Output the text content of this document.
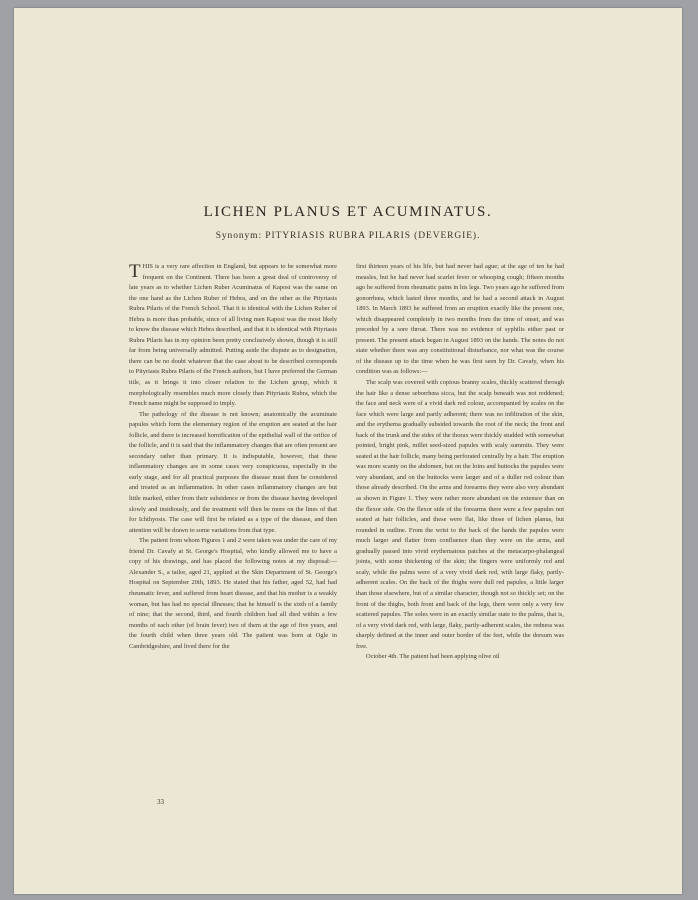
LICHEN PLANUS ET ACUMINATUS.
Synonym: PITYRIASIS RUBRA PILARIS (DEVERGIE).

THIS is a very rare affection in England, but appears to be somewhat more frequent on the Continent. There has been a great deal of controversy of late years as to whether Lichen Ruber Acuminatus of Kaposi was the same on the one hand as the Lichen Ruber of Hebra, and on the other as the Pityriasis Rubra Pilaris of the French School. That it is identical with the Lichen Ruber of Hebra is more than probable, since of all living men Kaposi was the most likely to know the disease which Hebra described, and that it is identical with Pityriasis Rubra Pilaris has in my opinion been pretty conclusively shown, though it is still far from being universally admitted. Putting aside the dispute as to designation, there can be no doubt whatever that the case about to be described corresponds to Pityriasis Rubra Pilaris of the French authors, but I have preferred the German title, as it brings it into closer relation to the Lichen group, which it morphologically resembles much more closely than Pityriasis Rubra, which the French name might be supposed to imply.

The pathology of the disease is not known; anatomically the acuminate papules which form the elementary region of the eruption are seated at the hair follicle, and there is increased hornification of the epithelial wall of the orifice of the follicle, and it is said that the inflammatory changes that are often present are secondary rather than primary. It is indisputable, however, that these inflammatory changes are in some cases very conspicuous, especially in the early stage, and for all practical purposes the disease must then be considered and treated as an inflammation. In other cases inflammatory changes are but little marked, either from their subsidence or from the disease having developed slowly and insidiously, and the treatment will then be more on the lines of that for Ichthyosis. The case will first be related as a type of the disease, and then attention will be drawn to some variations from that type.

The patient from whom Figures 1 and 2 were taken was under the care of my friend Dr. Cavafy at St. George's Hospital, who kindly allowed me to have a copy of his drawings, and has placed the following notes at my disposal:— Alexander S., a tailor, aged 21, applied at the Skin Department of St. George's Hospital on September 20th, 1893. He stated that his father, aged 52, had had rheumatic fever, and suffered from heart disease, and that his mother is a weakly woman, but has had no special illnesses; that he himself is the sixth of a family of nine; that the second, third, and fourth children had all died within a few months of each other (of brain fever) two of them at the age of five years, and the fourth child when three years old. The patient was born at Ogle in Cambridgeshire, and lived there for the

first thirteen years of his life, but had never had ague; at the age of ten he had measles, but he had never had scarlet fever or whooping cough; fifteen months ago he suffered from rheumatic pains in his legs. Two years ago he suffered from gonorrhœa, which lasted three months, and he had a second attack in August 1893. In March 1893 he suffered from an eruption exactly like the present one, which disappeared completely in two months from the time of onset, and was preceded by a sore throat. There was no evidence of syphilis either past or present. The present attack began in August 1893 on the hands. The notes do not state whether there was any constitutional disturbance, nor what was the course of the disease up to the time when he was first seen by Dr. Cavafy, when his condition was as follows:—

The scalp was covered with copious branny scales, thickly scattered through the hair like a dense seborrhœa sicca, but the scalp beneath was not reddened; the face and neck were of a vivid dark red colour, accompanied by scales on the face which were large and partly adherent; there was no infiltration of the skin, and the erythema gradually subsided towards the root of the neck; the front and back of the trunk and the sides of the thorax were thickly studded with somewhat pointed, bright pink, millet seed-sized papules with scaly summits. They were seated at the hair follicle, many being perforated centrally by a hair. The eruption was more scanty on the abdomen, but on the loins and buttocks the papules were very abundant, and on the buttocks were larger and of a duller red colour than those already described. On the arms and forearms they were also very abundant as shown in Figure 1. They were rather more abundant on the extensor than on the flexor side. On the flexor side of the forearms there were a few papules not seated at hair follicles, and these were flat, like those of lichen planus, but rounded in outline. From the wrist to the back of the hands the papules were much larger and flatter from confluence than they were on the arms, and gradually passed into vivid erythematous patches at the metacarpo-phalangeal joints, with some thickening of the skin; the fingers were uniformly red and scaly, while the palms were of a very vivid dark red, with large flaky, partly-adherent scales. On the back of the thighs were dull red papules, a little larger than those elsewhere, but of a similar character, though not so thickly set; on the front of the thighs, both front and back of the legs, there were only a very few scattered papules. The soles were in an exactly similar state to the palms, that is, of a very vivid dark red, with large, flaky, partly-adherent scales, the redness was sharply defined at the inner and outer border of the feet, while the dorsum was free.

October 4th. The patient had been applying olive oil

33
